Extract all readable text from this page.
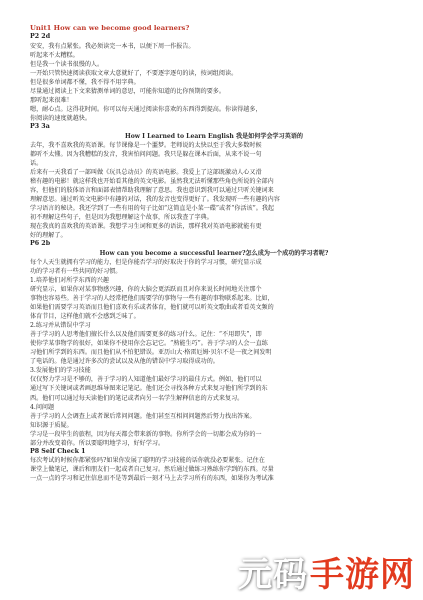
Unit1 How can we become good learners?
P2 2d
安安，我有点紧张。我必须读完一本书，以便下周一作报告。
听起来不太糟糕。
但是我一个读书很慢的人。
一开始只管快速阅读获取文章大意就好了，不要逐字逐句的读，按词组阅读。
但是很多单词都不懂，我不得不用字典。
尽量通过阅读上下文来猜测单词的意思，可能你知道的比你预期的要多。
那听起来很难！
嗯，耐心点。这得花时间。你可以每天通过阅读你喜欢的东西得到提高。你读得越多，
你阅读的速度就越快。
P3 3a
How I Learned to Learn English 我是如何学会学习英语的
去年，我不喜欢我的英语课。每节课像是一个噩梦。老师说的太快以至于我大多数时候
都听不太懂。因为我糟糕的发音，我害怕问问题。我只是躲在课本后面，从来不说一句
话。
后来有一天我看了一部叫做《玩具总动员》的英语电影。我爱上了这部既激动人心又滑
稽有趣的电影！就这样我也开始看其他的英文电影。虽然我无法听懂那些角色所说的全部内
容，但他们的肢体语言和面部表情帮助我理解了意思。我也意识到我可以通过只听关键词来
理解意思。通过听英文电影中有趣的对话，我的发音也变得更好了。我发现听一些有趣的内容
学习语言的秘诀。我还学到了一些有用的句子比如“这简直是小菜一碟”或者“你活该”。我起
初不理解这些句子，但是因为我想理解这个故事，所以我查了字典。
现在我真的喜欢我的英语课。我想学习生词和更多的语法，那样我对英语电影就能有更
好的理解了。
P6 2b
How can you become a successful learner?怎么成为一个成功的学习者呢?
每个人天生就拥有学习的能力，但是你能否学习的好取决于你的学习习惯，研究显示成
功的学习者有一些共同的好习惯。
1.培养他们对所学东西的兴趣
研究显示，如果你对某事物感兴趣，你的大脑会更活跃而且对你来说长时间地关注那个
事物也容易些。善于学习的人经常把他们需要学的事物与一些有趣的事物联系起来。比如，
如果他们需要学习英语而且他们喜欢有乐或者体育，他们就可以听英文歌曲或者看英文频的
体育节目，这样他们就不会感到乏味了。
2.练习并从错误中学习
善于学习的人思考他们擅长什么以及他们需要更多的练习什么。记住：“不用即失”，即
使你学某事物学的很好，如果你不使用你会忘记它。“熟能生巧”。善于学习的人会一直练
习他们所学到的东西。而且他们从不怕犯错误。亚历山大·格雷厄姆·贝尔不是一夜之间发明
了电话的。他是通过许多次的尝试以及从他的错误中学习取得成功的。
3.发展他们的学习技能
仅仅努力学习是不够的，善于学习的人知道他们最好学习的最佳方式。例如，他们可以
通过写下关键词或者画思维导图来记笔记。他们还会寻找各种方式来复习他们所学到的东
西。他们可以通过每天读他们的笔记或者向另一名学生解释信息的方式来复习。
4.问问题
善于学习的人会调查上或者课后常问问题。他们甚至互相问问题然后努力找出答案。
知识源于质疑。
学习是一段毕生的旅程，因为每天都会带来新的事物。你所学会的一切都会成为你的一
部分并改变着你。所以要聪明地学习，好好学习。
P8 Self Check 1
每次考试的时候你都紧张吗?如果你发展了聪明的学习技能的话你就没必要紧张。记住在
课堂上做笔记，课后和朋友们一起或者自己复习。然后通过做练习熟练你学到的东西。尽量
一点一点的学习和记住信息而不是等到最后一刻才马上去学习所有的东西，如果你为考试准
元码 手游网
